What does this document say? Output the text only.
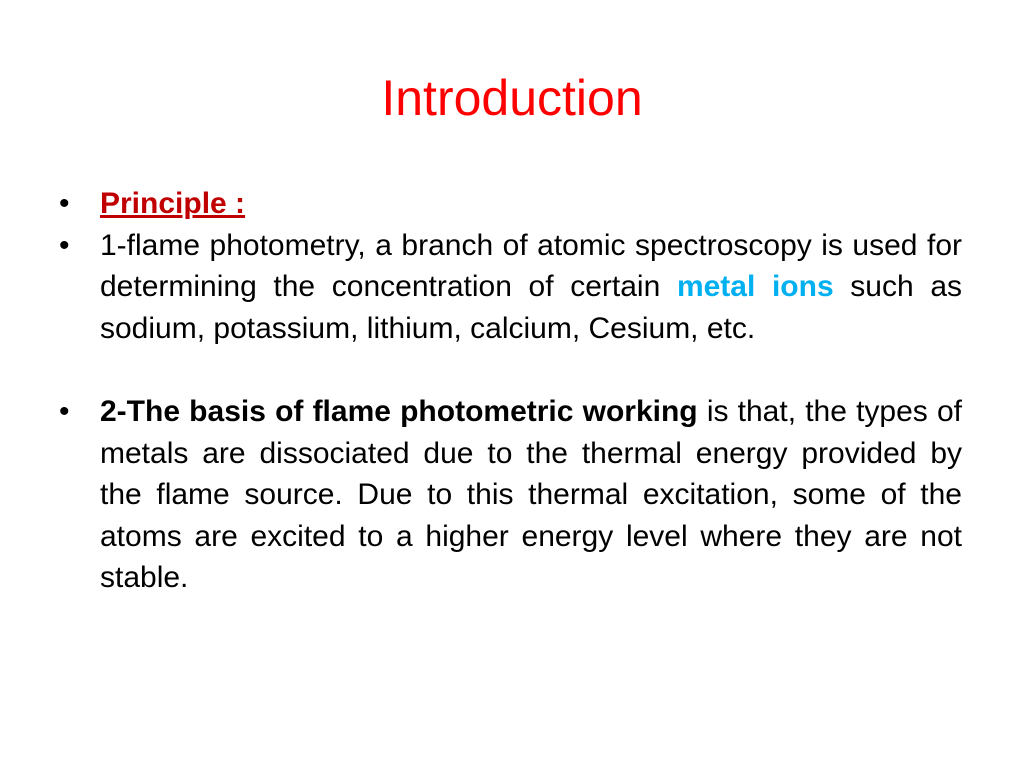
Introduction
• Principle :
• 1-flame photometry, a branch of atomic spectroscopy is used for determining the concentration of certain metal ions such as sodium, potassium, lithium, calcium, Cesium, etc.
• 2-The basis of flame photometric working is that, the types of metals are dissociated due to the thermal energy provided by the flame source. Due to this thermal excitation, some of the atoms are excited to a higher energy level where they are not stable.
